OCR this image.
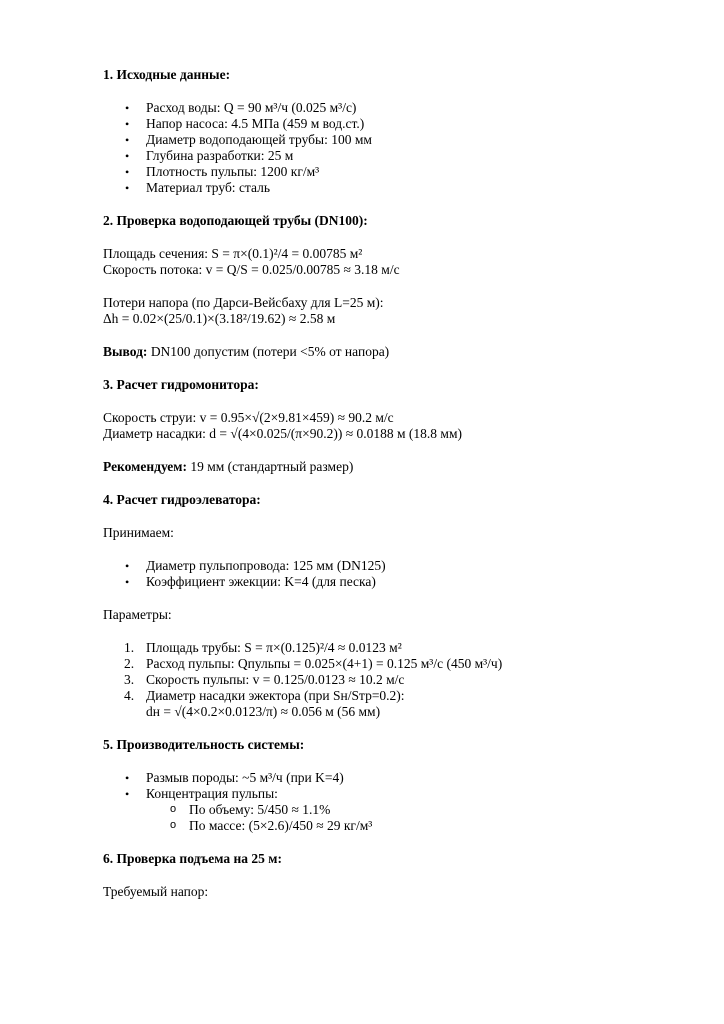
1. Исходные данные:
• Расход воды: Q = 90 м³/ч (0.025 м³/с)
• Напор насоса: 4.5 МПа (459 м вод.ст.)
• Диаметр водоподающей трубы: 100 мм
• Глубина разработки: 25 м
• Плотность пульпы: 1200 кг/м³
• Материал труб: сталь
2. Проверка водоподающей трубы (DN100):

Площадь сечения: S = π×(0.1)²/4 = 0.00785 м²

Скорость потока: v = Q/S = 0.025/0.00785 ≈ 3.18 м/с

Потери напора (по Дарси-Вейсбаху для L=25 м):

Δh = 0.02×(25/0.1)×(3.18²/19.62) ≈ 2.58 м

Вывод: DN100 допустим (потери <5% от напора)

3. Расчет гидромонитора:

Скорость струи: v = 0.95×√(2×9.81×459) ≈ 90.2 м/с

Диаметр насадки: d = √(4×0.025/(π×90.2)) ≈ 0.0188 м (18.8 мм)

Рекомендуем: 19 мм (стандартный размер)

4. Расчет гидроэлеватора:

Принимаем:

• Диаметр пульпопровода: 125 мм (DN125)
• Коэффициент эжекции: K=4 (для песка)

Параметры:

1. Площадь трубы: S = π×(0.125)²/4 ≈ 0.0123 м²
2. Расход пульпы: Qпульпы = 0.025×(4+1) = 0.125 м³/с (450 м³/ч)
3. Скорость пульпы: v = 0.125/0.0123 ≈ 10.2 м/с
4. Диаметр насадки эжектора (при Sн/Sтр=0.2):
dн = √(4×0.2×0.0123/π) ≈ 0.056 м (56 мм)
5. Производительность системы:
• Размыв породы: ~5 м³/ч (при K=4)
• Концентрация пульпы:
o По объему: 5/450 ≈ 1.1%
o По массе: (5×2.6)/450 ≈ 29 кг/м³
6. Проверка подъема на 25 м:

Требуемый напор:
